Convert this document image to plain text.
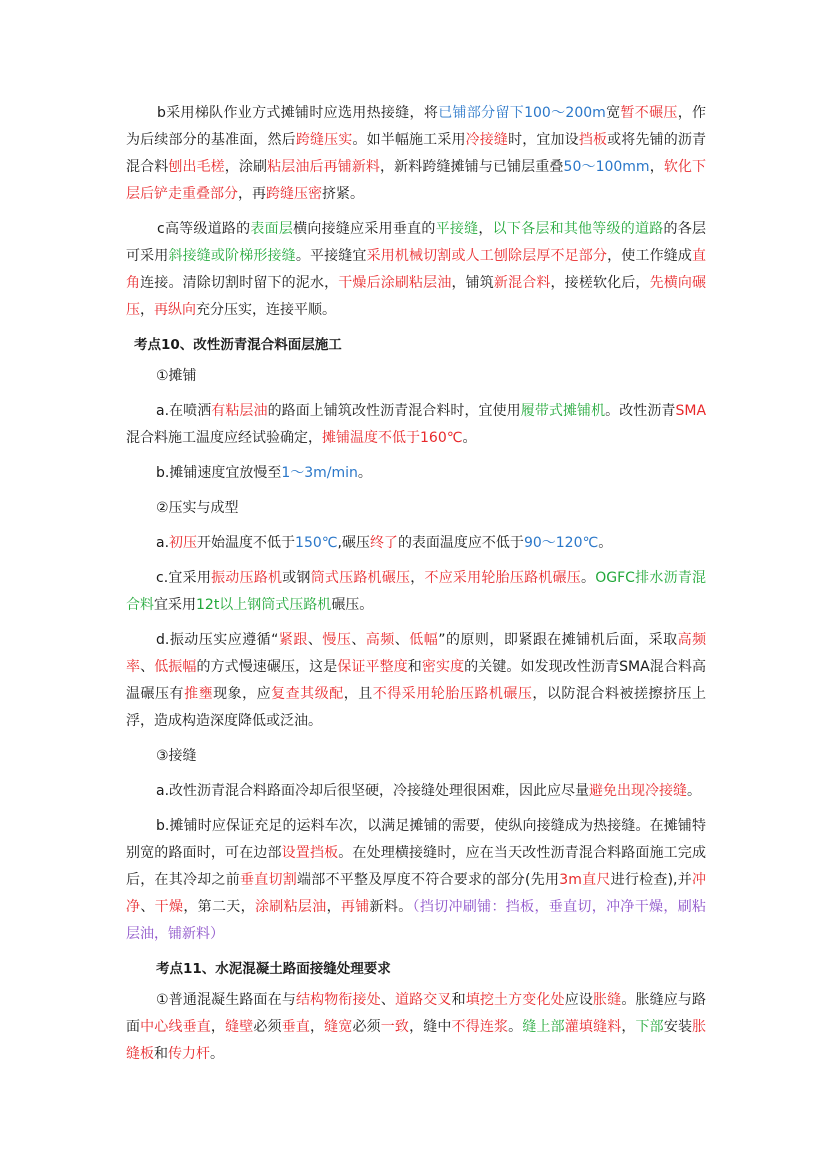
b采用梯队作业方式摊铺时应选用热接缝，将已铺部分留下100～200m宽暂不碾压，作为后续部分的基准面，然后跨缝压实。如半幅施工采用冷接缝时，宜加设挡板或将先铺的沥青混合料刨出毛槎，涂刷粘层油后再铺新料，新料跨缝摊铺与已铺层重叠50～100mm，软化下层后铲走重叠部分，再跨缝压密挤紧。

c高等级道路的表面层横向接缝应采用垂直的平接缝，以下各层和其他等级的道路的各层可采用斜接缝或阶梯形接缝。平接缝宜采用机械切割或人工刨除层厚不足部分，使工作缝成直角连接。清除切割时留下的泥水，干燥后涂刷粘层油，铺筑新混合料，接槎软化后，先横向碾压，再纵向充分压实，连接平顺。

考点10、改性沥青混合料面层施工

①摊铺

a.在喷洒有粘层油的路面上铺筑改性沥青混合料时，宜使用履带式摊铺机。改性沥青SMA混合料施工温度应经试验确定，摊铺温度不低于160℃。

b.摊铺速度宜放慢至1～3m/min。

②压实与成型

a.初压开始温度不低于150℃,碾压终了的表面温度应不低于90～120℃。

c.宜采用振动压路机或钢筒式压路机碾压，不应采用轮胎压路机碾压。OGFC排水沥青混合料宜采用12t以上钢筒式压路机碾压。

d.振动压实应遵循“紧跟、慢压、高频、低幅”的原则，即紧跟在摊铺机后面，采取高频率、低振幅的方式慢速碾压，这是保证平整度和密实度的关键。如发现改性沥青SMA混合料高温碾压有推壅现象，应复查其级配，且不得采用轮胎压路机碾压，以防混合料被搓擦挤压上浮，造成构造深度降低或泛油。

③接缝

a.改性沥青混合料路面冷却后很坚硬，冷接缝处理很困难，因此应尽量避免出现冷接缝。

b.摊铺时应保证充足的运料车次，以满足摊铺的需要，使纵向接缝成为热接缝。在摊铺特别宽的路面时，可在边部设置挡板。在处理横接缝时，应在当天改性沥青混合料路面施工完成后，在其冷却之前垂直切割端部不平整及厚度不符合要求的部分(先用3m直尺进行检查),并冲净、干燥，第二天，涂刷粘层油，再铺新料。（挡切冲刷铺：挡板，垂直切，冲净干燥，刷粘层油，铺新料）

考点11、水泥混凝土路面接缝处理要求

①普通混凝生路面在与结构物衔接处、道路交叉和填挖土方变化处应设胀缝。胀缝应与路面中心线垂直，缝壁必须垂直，缝宽必须一致，缝中不得连浆。缝上部灌填缝料，下部安装胀缝板和传力杆。
